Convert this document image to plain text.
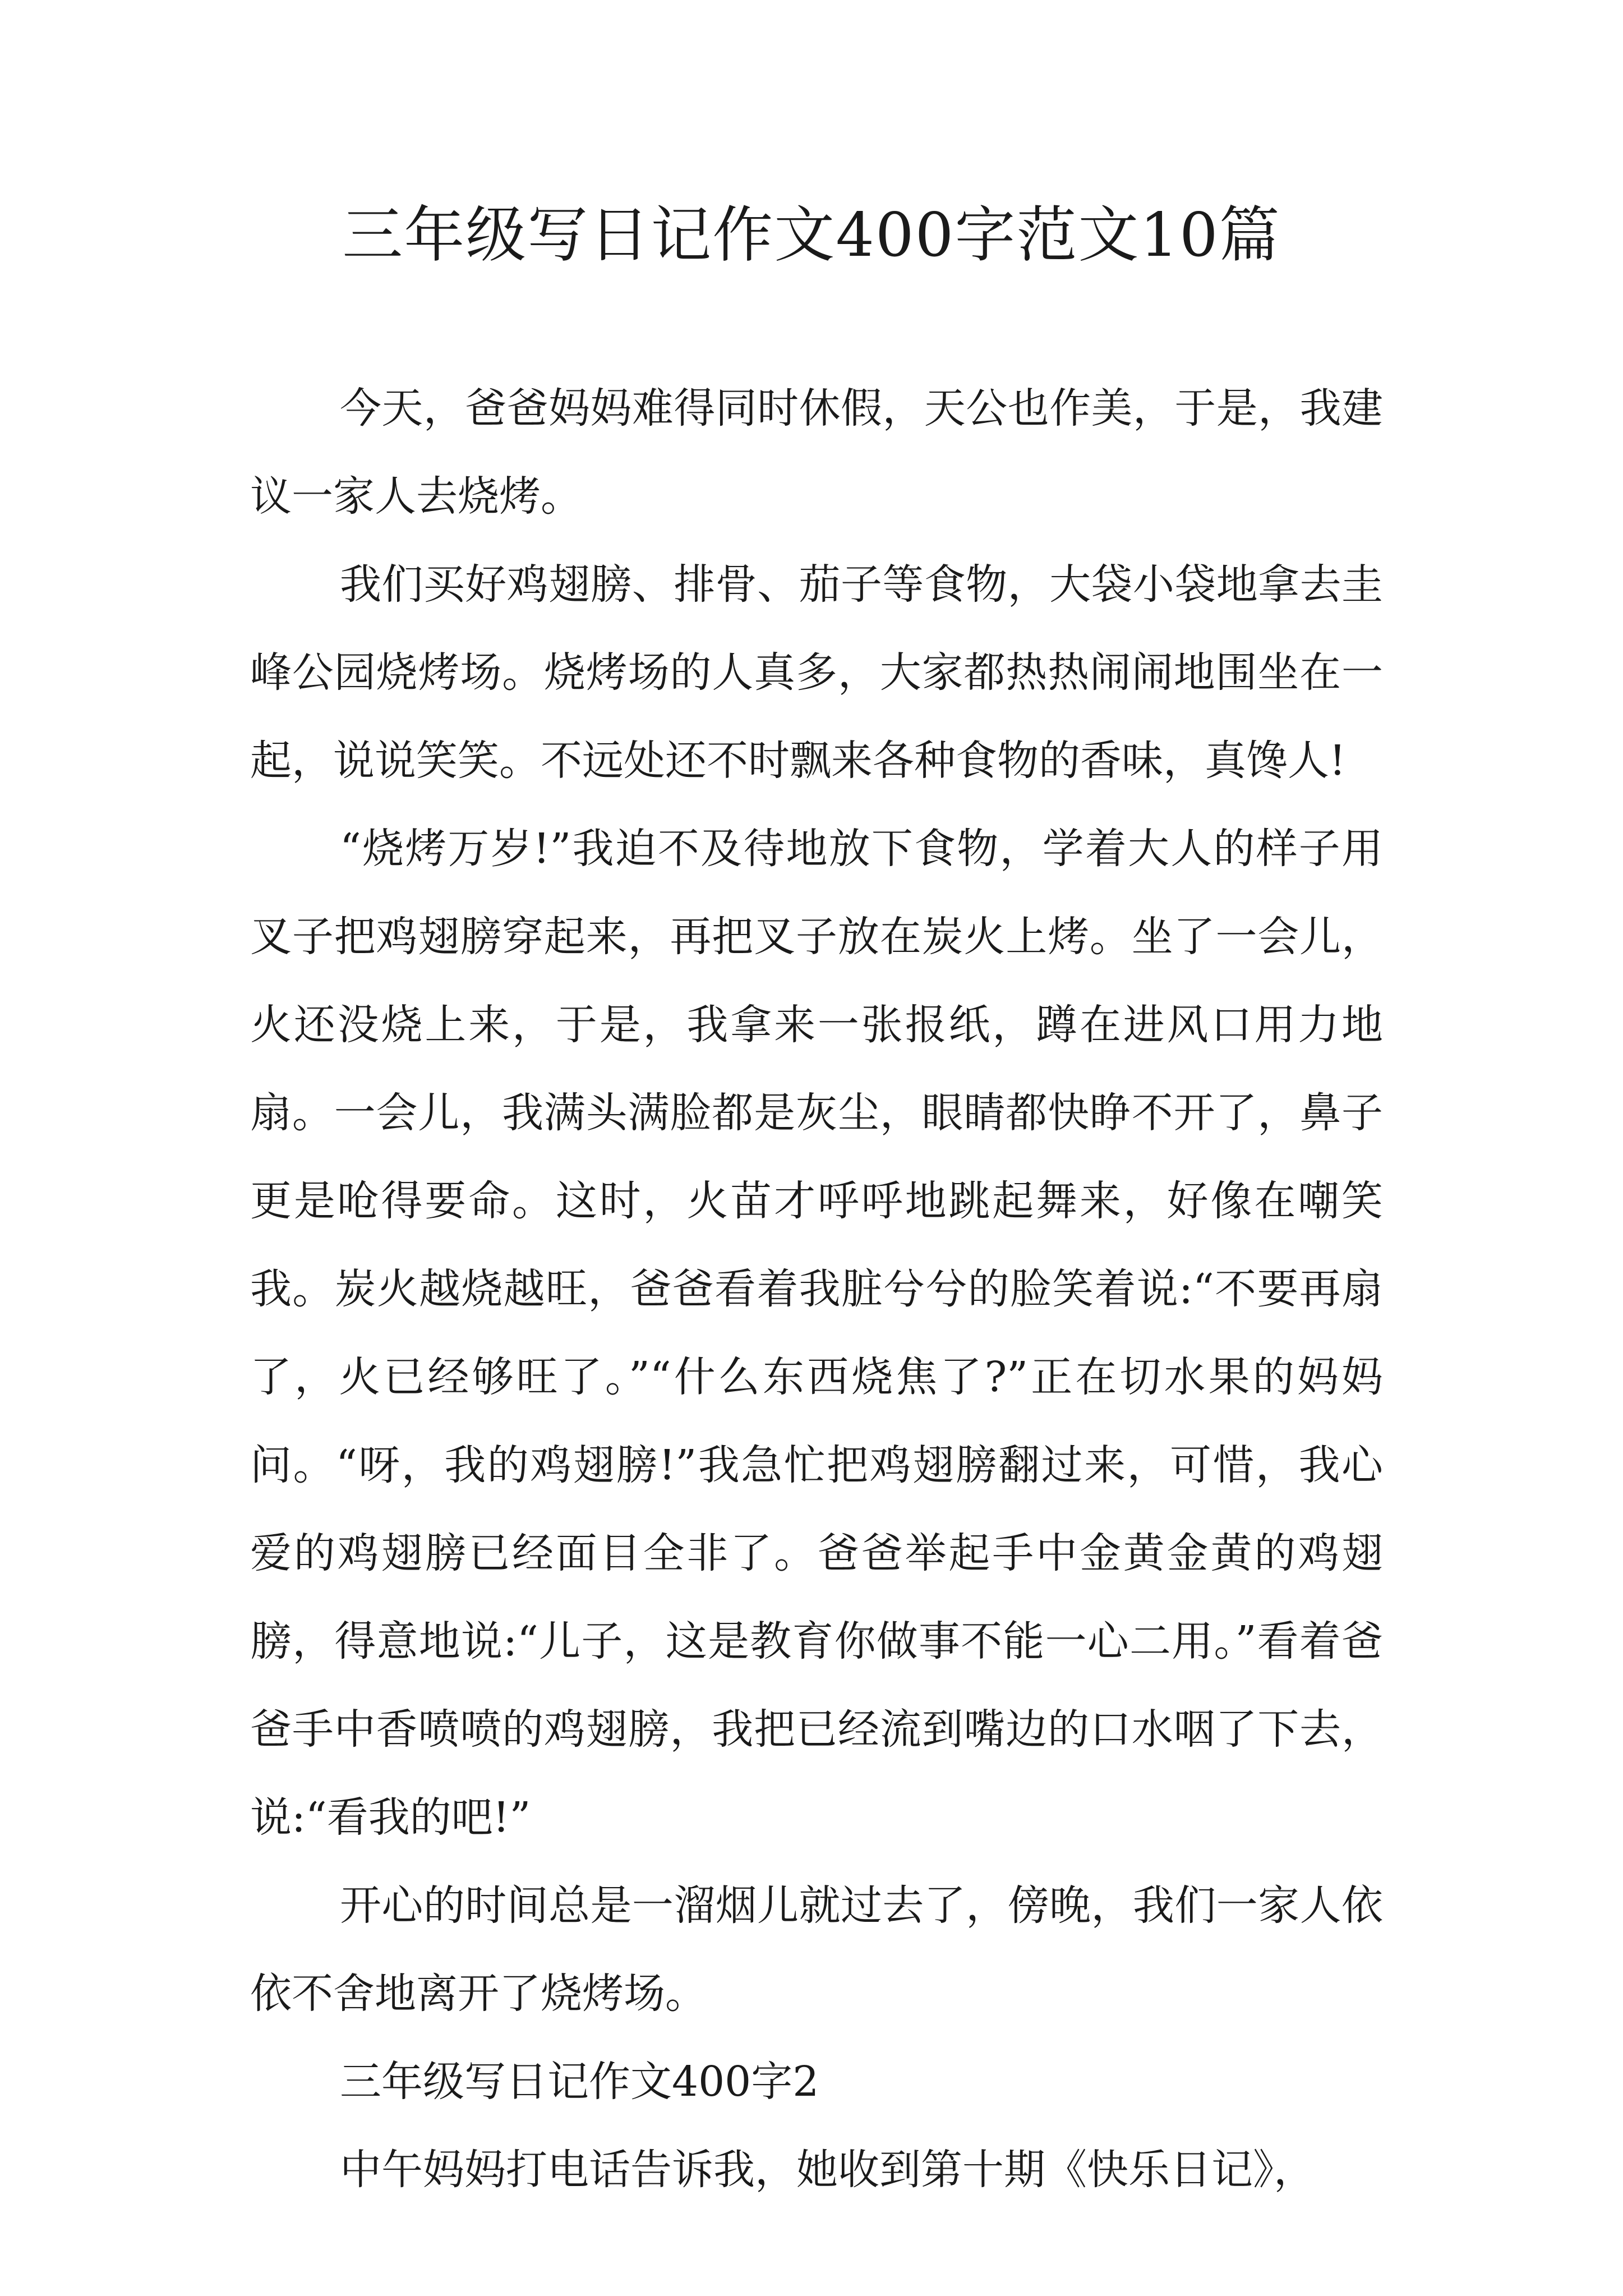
三年级写日记作文400字范文10篇

今天，爸爸妈妈难得同时休假，天公也作美，于是，我建议一家人去烧烤。

我们买好鸡翅膀、排骨、茄子等食物，大袋小袋地拿去圭峰公园烧烤场。烧烤场的人真多，大家都热热闹闹地围坐在一起，说说笑笑。不远处还不时飘来各种食物的香味，真馋人!

“烧烤万岁!”我迫不及待地放下食物，学着大人的样子用叉子把鸡翅膀穿起来，再把叉子放在炭火上烤。坐了一会儿，火还没烧上来，于是，我拿来一张报纸，蹲在进风口用力地扇。一会儿，我满头满脸都是灰尘，眼睛都快睁不开了，鼻子更是呛得要命。这时，火苗才呼呼地跳起舞来，好像在嘲笑我。炭火越烧越旺，爸爸看着我脏兮兮的脸笑着说:“不要再扇了，火已经够旺了。”“什么东西烧焦了?”正在切水果的妈妈问。“呀，我的鸡翅膀!”我急忙把鸡翅膀翻过来，可惜，我心爱的鸡翅膀已经面目全非了。爸爸举起手中金黄金黄的鸡翅膀，得意地说:“儿子，这是教育你做事不能一心二用。”看着爸爸手中香喷喷的鸡翅膀，我把已经流到嘴边的口水咽了下去，说:“看我的吧!”

开心的时间总是一溜烟儿就过去了，傍晚，我们一家人依依不舍地离开了烧烤场。

三年级写日记作文400字2

中午妈妈打电话告诉我，她收到第十期《快乐日记》，
